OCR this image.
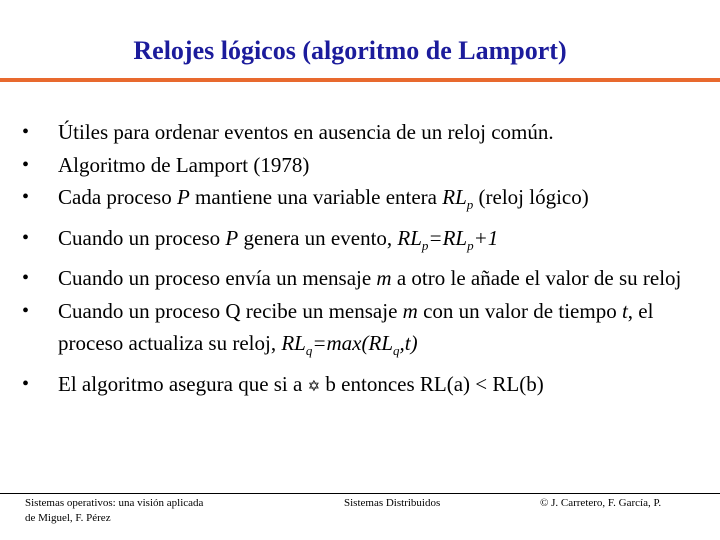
Relojes lógicos (algoritmo de Lamport)
•	Útiles para ordenar eventos en ausencia de un reloj común.
•	Algoritmo de Lamport (1978)
•	Cada proceso P mantiene una variable entera $RL_p$ (reloj lógico)
•	Cuando un proceso P genera un evento, $RL_p=RL_p+1$
•	Cuando un proceso envía un mensaje m a otro le añade el valor de su reloj
•	Cuando un proceso Q recibe un mensaje m con un valor de tiempo t, el proceso actualiza su reloj, $RL_q=\max(RL_q,t)$
•	El algoritmo asegura que si a ✡ b entonces RL(a) < RL(b)
Sistemas operativos: una visión aplicada
de Miguel, F. Pérez
Sistemas Distribuidos	© J. Carretero, F. García, P.
